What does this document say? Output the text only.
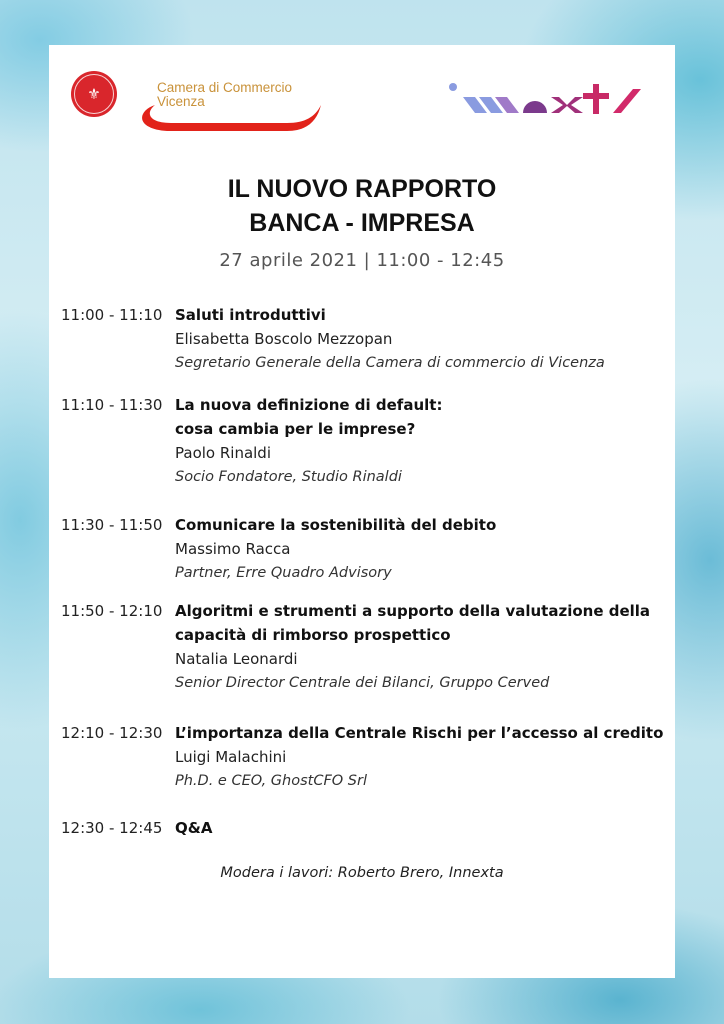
⚜	Camera di Commercio
Vicenza
IL NUOVO RAPPORTO
BANCA - IMPRESA
27 aprile 2021 | 11:00 - 12:45
11:00 - 11:10 Saluti introduttivi
Elisabetta Boscolo Mezzopan
Segretario Generale della Camera di commercio di Vicenza
11:10 - 11:30 La nuova definizione di default:
cosa cambia per le imprese?
Paolo Rinaldi
Socio Fondatore, Studio Rinaldi
11:30 - 11:50 Comunicare la sostenibilità del debito
Massimo Racca
Partner, Erre Quadro Advisory
11:50 - 12:10 Algoritmi e strumenti a supporto della valutazione della
capacità di rimborso prospettico
Natalia Leonardi
Senior Director Centrale dei Bilanci, Gruppo Cerved
12:10 - 12:30 L’importanza della Centrale Rischi per l’accesso al credito
Luigi Malachini
Ph.D. e CEO, GhostCFO Srl
12:30 - 12:45 Q&A
Modera i lavori: Roberto Brero, Innexta
